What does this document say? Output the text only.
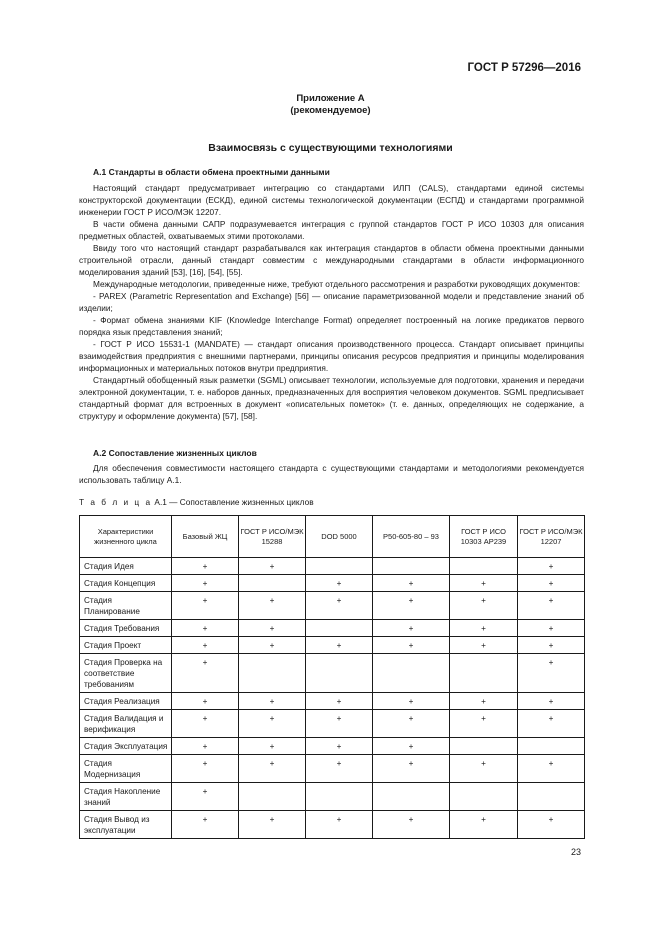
ГОСТ Р 57296—2016
Приложение А
(рекомендуемое)
Взаимосвязь с существующими технологиями
А.1 Стандарты в области обмена проектными данными

Настоящий стандарт предусматривает интеграцию со стандартами ИЛП (CALS), стандартами единой системы конструкторской документации (ЕСКД), единой системы технологической документации (ЕСПД) и стандартами программной инженерии ГОСТ Р ИСО/МЭК 12207.

В части обмена данными САПР подразумевается интеграция с группой стандартов ГОСТ Р ИСО 10303 для описания предметных областей, охватываемых этими протоколами.

Ввиду того что настоящий стандарт разрабатывался как интеграция стандартов в области обмена проектными данными строительной отрасли, данный стандарт совместим с международными стандартами в области информационного моделирования зданий [53], [16], [54], [55].

Международные методологии, приведенные ниже, требуют отдельного рассмотрения и разработки руководящих документов:

- PAREX (Parametric Representation and Exchange) [56] — описание параметризованной модели и представление знаний об изделии;

- Формат обмена знаниями KIF (Knowledge Interchange Format) определяет построенный на логике предикатов первого порядка язык представления знаний;

- ГОСТ Р ИСО 15531-1 (MANDATE) — стандарт описания производственного процесса. Стандарт описывает принципы взаимодействия предприятия с внешними партнерами, принципы описания ресурсов предприятия и принципы моделирования информационных и материальных потоков внутри предприятия.

Стандартный обобщенный язык разметки (SGML) описывает технологии, используемые для подготовки, хранения и передачи электронной документации, т. е. наборов данных, предназначенных для восприятия человеком документов. SGML предписывает стандартный формат для встроенных в документ «описательных пометок» (т. е. данных, определяющих не содержание, а структуру и оформление документа) [57], [58].

А.2 Сопоставление жизненных циклов

Для обеспечения совместимости настоящего стандарта с существующими стандартами и методологиями рекомендуется использовать таблицу А.1.

Т а б л и ц а А.1 — Сопоставление жизненных циклов
Характеристики жизненного цикла	Базовый ЖЦ	ГОСТ Р ИСО/МЭК 15288	DOD 5000	Р50-605-80 – 93	ГОСТ Р ИСО 10303 AP239	ГОСТ Р ИСО/МЭК 12207
Стадия Идея	+	+				+
Стадия Концепция	+		+	+	+	+
Стадия Планирование	+	+	+	+	+	+
Стадия Требования	+	+		+	+	+
Стадия Проект	+	+	+	+	+	+
Стадия Проверка на соответствие требованиям	+					+
Стадия Реализация	+	+	+	+	+	+
Стадия Валидация и верификация	+	+	+	+	+	+
Стадия Эксплуатация	+	+	+	+		
Стадия Модернизация	+	+	+	+	+	+
Стадия Накопление знаний	+					
Стадия Вывод из эксплуатации	+	+	+	+	+	+
23
